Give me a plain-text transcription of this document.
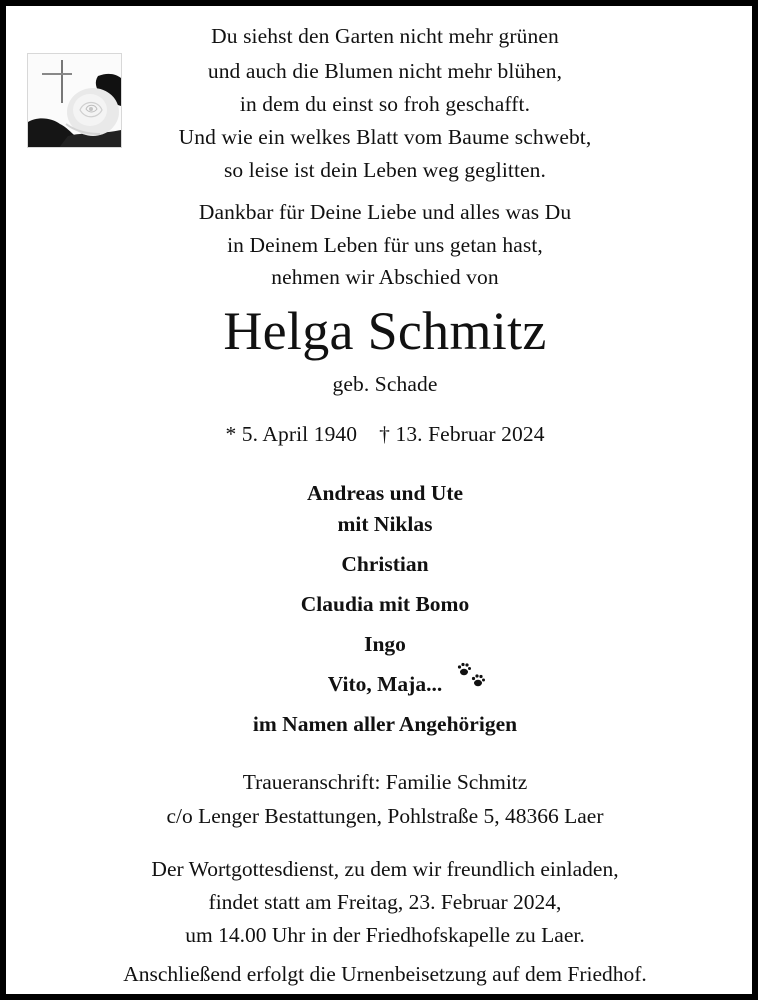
Du siehst den Garten nicht mehr grünen
und auch die Blumen nicht mehr blühen,
in dem du einst so froh geschafft.
Und wie ein welkes Blatt vom Baume schwebt,
so leise ist dein Leben weg geglitten.
Dankbar für Deine Liebe und alles was Du
in Deinem Leben für uns getan hast,
nehmen wir Abschied von
Helga Schmitz
geb. Schade
* 5. April 1940 † 13. Februar 2024
Andreas und Ute
mit Niklas
Christian
Claudia mit Bomo
Ingo
Vito, Maja...
im Namen aller Angehörigen
Traueranschrift: Familie Schmitz
c/o Lenger Bestattungen, Pohlstraße 5, 48366 Laer
Der Wortgottesdienst, zu dem wir freundlich einladen,
findet statt am Freitag, 23. Februar 2024,
um 14.00 Uhr in der Friedhofskapelle zu Laer.
Anschließend erfolgt die Urnenbeisetzung auf dem Friedhof.
